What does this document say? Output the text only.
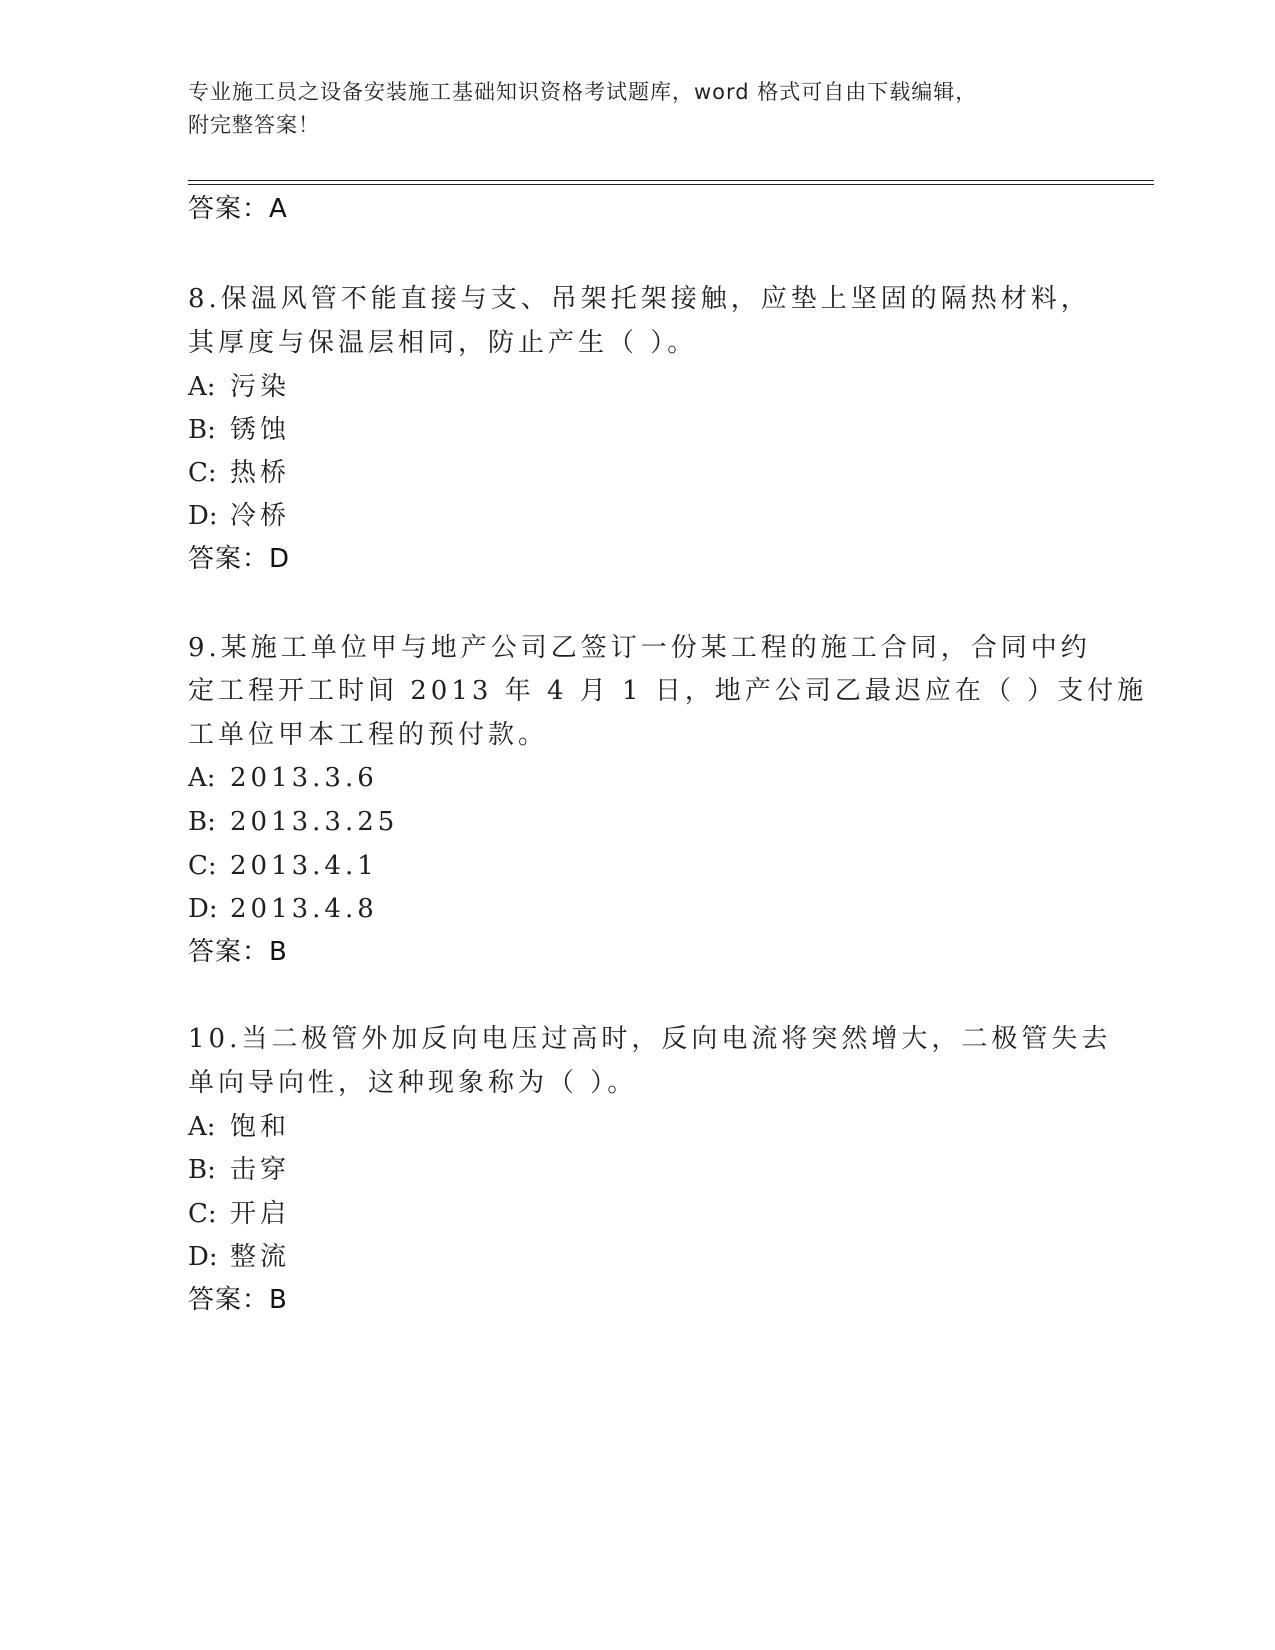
专业施工员之设备安装施工基础知识资格考试题库，word 格式可自由下载编辑，
附完整答案！
答案：A
8.保温风管不能直接与支、吊架托架接触，应垫上坚固的隔热材料，
其厚度与保温层相同，防止产生（ ）。
A: 污染
B: 锈蚀
C: 热桥
D: 冷桥
答案：D
9.某施工单位甲与地产公司乙签订一份某工程的施工合同，合同中约
定工程开工时间 2013 年 4 月 1 日，地产公司乙最迟应在（ ）支付施
工单位甲本工程的预付款。
A: 2013.3.6
B: 2013.3.25
C: 2013.4.1
D: 2013.4.8
答案：B
10.当二极管外加反向电压过高时，反向电流将突然增大，二极管失去
单向导向性，这种现象称为（ ）。
A: 饱和
B: 击穿
C: 开启
D: 整流
答案：B
